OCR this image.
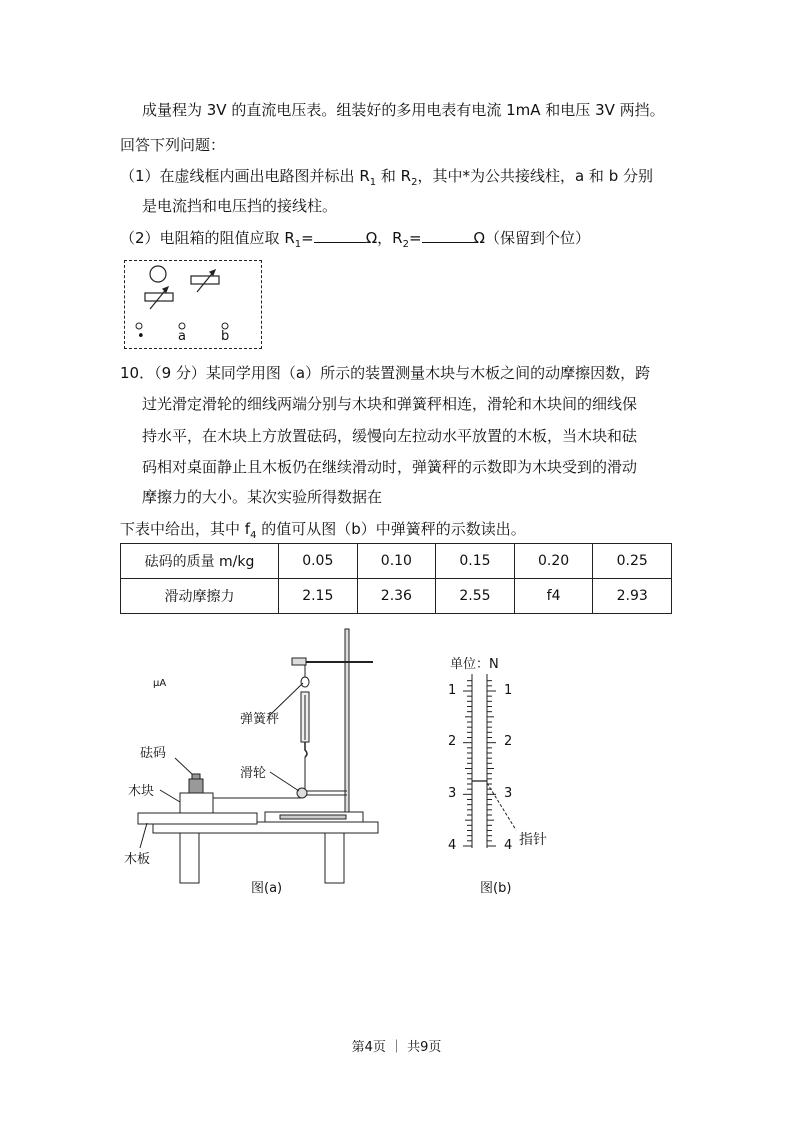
成量程为 3V 的直流电压表。组装好的多用电表有电流 1mA 和电压 3V 两挡。
回答下列问题：
（1）在虚线框内画出电路图并标出 $R_1$ 和 $R_2$，其中*为公共接线柱，a 和 b 分别
是电流挡和电压挡的接线柱。
（2）电阻箱的阻值应取 $R_1=$	Ω，$R_2=$	Ω（保留到个位）
μA
•	a	b
10．（9 分）某同学用图（a）所示的装置测量木块与木板之间的动摩擦因数，跨
过光滑定滑轮的细线两端分别与木块和弹簧秤相连，滑轮和木块间的细线保
持水平，在木块上方放置砝码，缓慢向左拉动水平放置的木板，当木块和砝
码相对桌面静止且木板仍在继续滑动时，弹簧秤的示数即为木块受到的滑动
摩擦力的大小。某次实验所得数据在
下表中给出，其中 $f_4$ 的值可从图（b）中弹簧秤的示数读出。
砝码的质量 m/kg	0.05	0.10	0.15	0.20	0.25
滑动摩擦力	2.15	2.36	2.55	f4	2.93
砝码
木块
木板
弹簧秤
滑轮
图(a)
单位：N
1
2
3
4
1
2
3
4 指针
图(b)
第4页 ｜ 共9页
